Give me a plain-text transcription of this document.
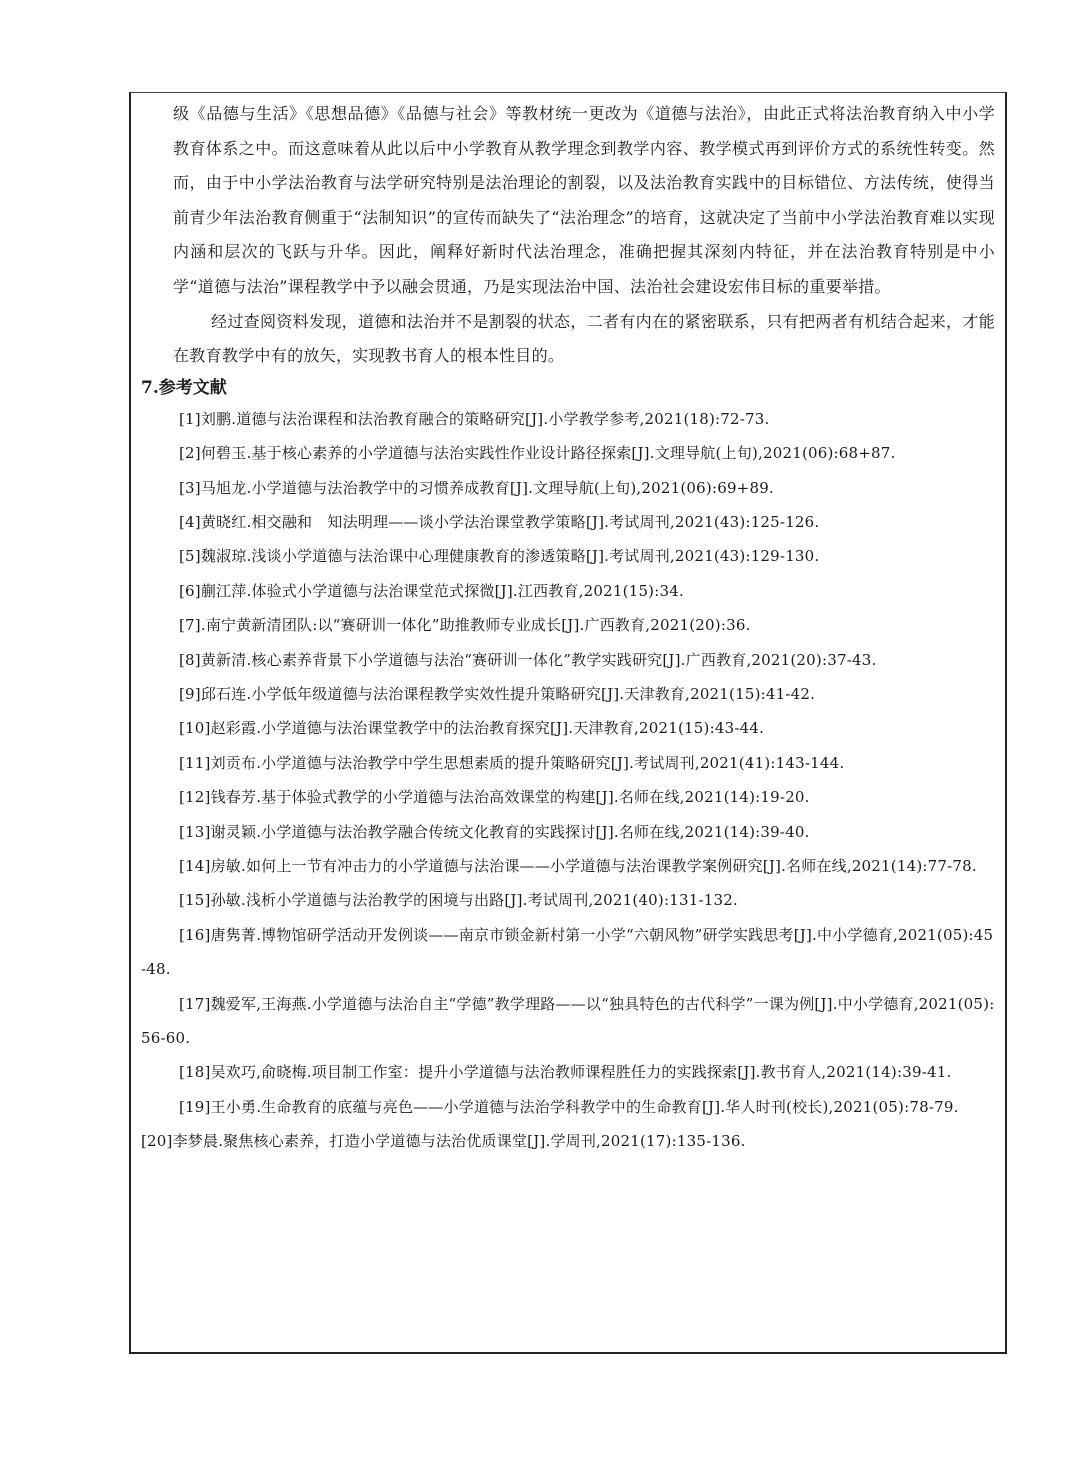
级《品德与生活》《思想品德》《品德与社会》等教材统一更改为《道德与法治》，由此正式将法治教育纳入中小学教育体系之中。而这意味着从此以后中小学教育从教学理念到教学内容、教学模式再到评价方式的系统性转变。然而，由于中小学法治教育与法学研究特别是法治理论的割裂，以及法治教育实践中的目标错位、方法传统，使得当前青少年法治教育侧重于“法制知识”的宣传而缺失了“法治理念”的培育，这就决定了当前中小学法治教育难以实现内涵和层次的飞跃与升华。因此，阐释好新时代法治理念，准确把握其深刻内特征，并在法治教育特别是中小学“道德与法治”课程教学中予以融会贯通，乃是实现法治中国、法治社会建设宏伟目标的重要举措。

经过查阅资料发现，道德和法治并不是割裂的状态，二者有内在的紧密联系，只有把两者有机结合起来，才能在教育教学中有的放矢，实现教书育人的根本性目的。

7.参考文献
[1]刘鹏.道德与法治课程和法治教育融合的策略研究[J].小学教学参考,2021(18):72-73.
[2]何碧玉.基于核心素养的小学道德与法治实践性作业设计路径探索[J].文理导航(上旬),2021(06):68+87.
[3]马旭龙.小学道德与法治教学中的习惯养成教育[J].文理导航(上旬),2021(06):69+89.
[4]黄晓红.相交融和　知法明理——谈小学法治课堂教学策略[J].考试周刊,2021(43):125-126.
[5]魏淑琼.浅谈小学道德与法治课中心理健康教育的渗透策略[J].考试周刊,2021(43):129-130.
[6]蒯江萍.体验式小学道德与法治课堂范式探微[J].江西教育,2021(15):34.
[7].南宁黄新清团队:以“赛研训一体化”助推教师专业成长[J].广西教育,2021(20):36.
[8]黄新清.核心素养背景下小学道德与法治“赛研训一体化”教学实践研究[J].广西教育,2021(20):37-43.
[9]邱石连.小学低年级道德与法治课程教学实效性提升策略研究[J].天津教育,2021(15):41-42.
[10]赵彩霞.小学道德与法治课堂教学中的法治教育探究[J].天津教育,2021(15):43-44.
[11]刘贡布.小学道德与法治教学中学生思想素质的提升策略研究[J].考试周刊,2021(41):143-144.
[12]钱春芳.基于体验式教学的小学道德与法治高效课堂的构建[J].名师在线,2021(14):19-20.
[13]谢灵颖.小学道德与法治教学融合传统文化教育的实践探讨[J].名师在线,2021(14):39-40.
[14]房敏.如何上一节有冲击力的小学道德与法治课——小学道德与法治课教学案例研究[J].名师在线,2021(14):77-78.
[15]孙敏.浅析小学道德与法治教学的困境与出路[J].考试周刊,2021(40):131-132.
[16]唐隽菁.博物馆研学活动开发例谈——南京市锁金新村第一小学“六朝风物”研学实践思考[J].中小学德育,2021(05):45-48.
[17]魏爱军,王海燕.小学道德与法治自主“学德”教学理路——以“独具特色的古代科学”一课为例[J].中小学德育,2021(05):56-60.
[18]吴欢巧,俞晓梅.项目制工作室：提升小学道德与法治教师课程胜任力的实践探索[J].教书育人,2021(14):39-41.
[19]王小勇.生命教育的底蕴与亮色——小学道德与法治学科教学中的生命教育[J].华人时刊(校长),2021(05):78-79.
[20]李梦晨.聚焦核心素养，打造小学道德与法治优质课堂[J].学周刊,2021(17):135-136.
